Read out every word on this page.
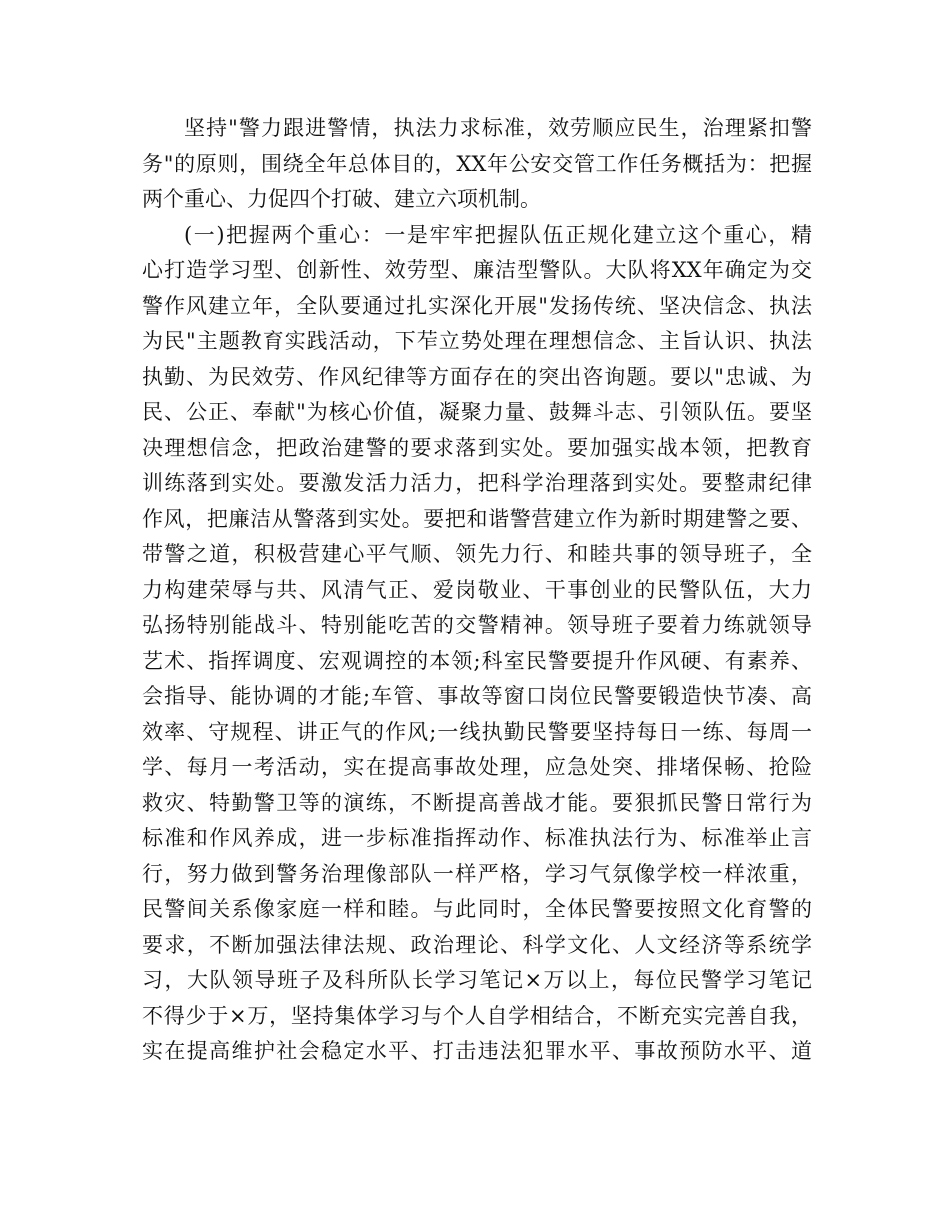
坚持"警力跟进警情，执法力求标准，效劳顺应民生，治理紧扣警
务"的原则，围绕全年总体目的，XX年公安交管工作任务概括为：把握
两个重心、力促四个打破、建立六项机制。
(一)把握两个重心：一是牢牢把握队伍正规化建立这个重心，精
心打造学习型、创新性、效劳型、廉洁型警队。大队将XX年确定为交
警作风建立年，全队要通过扎实深化开展"发扬传统、坚决信念、执法
为民"主题教育实践活动，下苲立势处理在理想信念、主旨认识、执法
执勤、为民效劳、作风纪律等方面存在的突出咨询题。要以"忠诚、为
民、公正、奉献"为核心价值，凝聚力量、鼓舞斗志、引领队伍。要坚
决理想信念，把政治建警的要求落到实处。要加强实战本领，把教育
训练落到实处。要激发活力活力，把科学治理落到实处。要整肃纪律
作风，把廉洁从警落到实处。要把和谐警营建立作为新时期建警之要、
带警之道，积极营建心平气顺、领先力行、和睦共事的领导班子，全
力构建荣辱与共、风清气正、爱岗敬业、干事创业的民警队伍，大力
弘扬特别能战斗、特别能吃苦的交警精神。领导班子要着力练就领导
艺术、指挥调度、宏观调控的本领;科室民警要提升作风硬、有素养、
会指导、能协调的才能;车管、事故等窗口岗位民警要锻造快节凑、高
效率、守规程、讲正气的作风;一线执勤民警要坚持每日一练、每周一
学、每月一考活动，实在提高事故处理，应急处突、排堵保畅、抢险
救灾、特勤警卫等的演练，不断提高善战才能。要狠抓民警日常行为
标准和作风养成，进一步标准指挥动作、标准执法行为、标准举止言
行，努力做到警务治理像部队一样严格，学习气氛像学校一样浓重，
民警间关系像家庭一样和睦。与此同时，全体民警要按照文化育警的
要求，不断加强法律法规、政治理论、科学文化、人文经济等系统学
习，大队领导班子及科所队长学习笔记×万以上，每位民警学习笔记
不得少于×万，坚持集体学习与个人自学相结合，不断充实完善自我，
实在提高维护社会稳定水平、打击违法犯罪水平、事故预防水平、道
